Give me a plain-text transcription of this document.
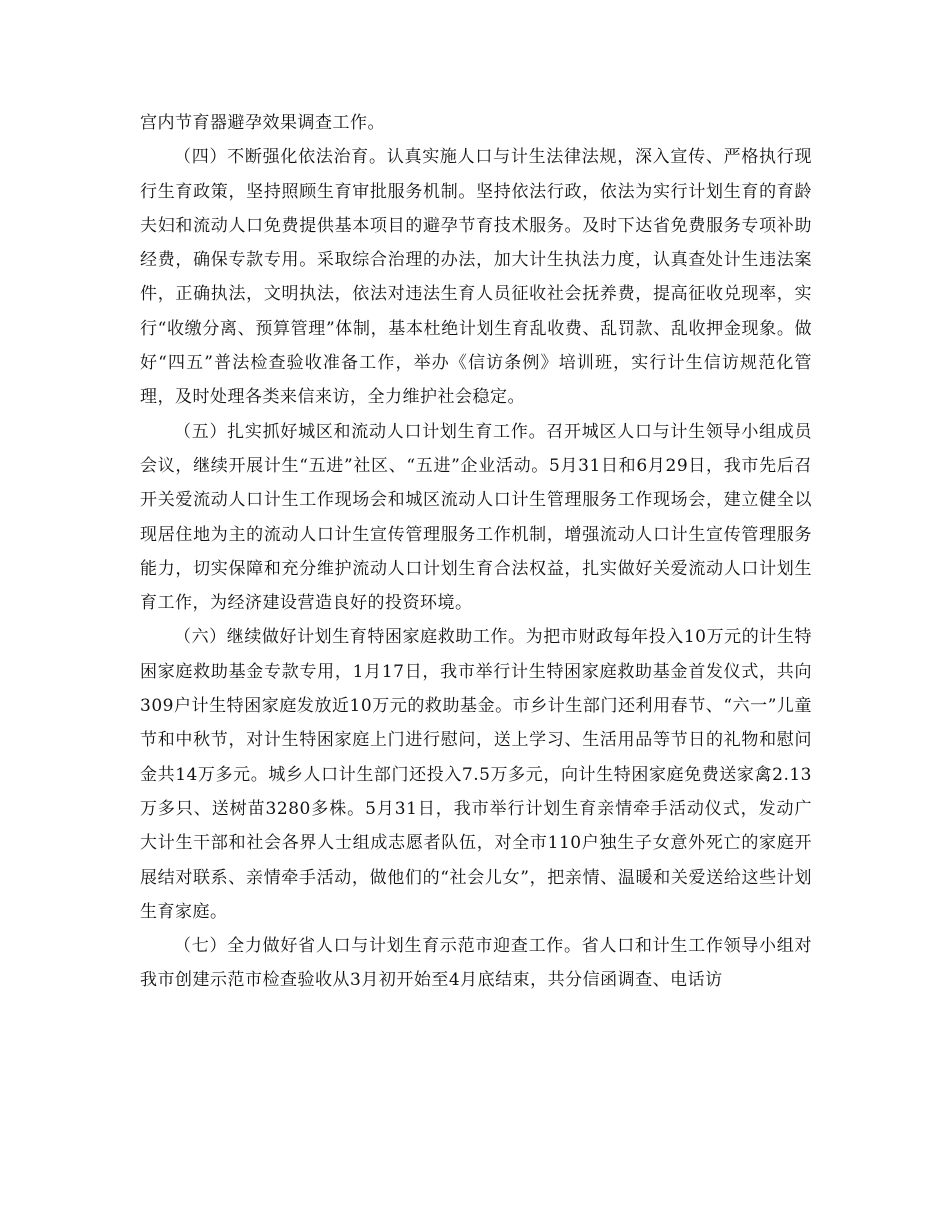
宫内节育器避孕效果调查工作。

（四）不断强化依法治育。认真实施人口与计生法律法规，深入宣传、严格执行现行生育政策，坚持照顾生育审批服务机制。坚持依法行政，依法为实行计划生育的育龄夫妇和流动人口免费提供基本项目的避孕节育技术服务。及时下达省免费服务专项补助经费，确保专款专用。采取综合治理的办法，加大计生执法力度，认真查处计生违法案件，正确执法，文明执法，依法对违法生育人员征收社会抚养费，提高征收兑现率，实行“收缴分离、预算管理”体制，基本杜绝计划生育乱收费、乱罚款、乱收押金现象。做好“四五”普法检查验收准备工作，举办《信访条例》培训班，实行计生信访规范化管理，及时处理各类来信来访，全力维护社会稳定。

（五）扎实抓好城区和流动人口计划生育工作。召开城区人口与计生领导小组成员会议，继续开展计生“五进”社区、“五进”企业活动。5月31日和6月29日，我市先后召开关爱流动人口计生工作现场会和城区流动人口计生管理服务工作现场会，建立健全以现居住地为主的流动人口计生宣传管理服务工作机制，增强流动人口计生宣传管理服务能力，切实保障和充分维护流动人口计划生育合法权益，扎实做好关爱流动人口计划生育工作，为经济建设营造良好的投资环境。

（六）继续做好计划生育特困家庭救助工作。为把市财政每年投入10万元的计生特困家庭救助基金专款专用，1月17日，我市举行计生特困家庭救助基金首发仪式，共向309户计生特困家庭发放近10万元的救助基金。市乡计生部门还利用春节、“六一”儿童节和中秋节，对计生特困家庭上门进行慰问，送上学习、生活用品等节日的礼物和慰问金共14万多元。城乡人口计生部门还投入7.5万多元，向计生特困家庭免费送家禽2.13万多只、送树苗3280多株。5月31日，我市举行计划生育亲情牵手活动仪式，发动广大计生干部和社会各界人士组成志愿者队伍，对全市110户独生子女意外死亡的家庭开展结对联系、亲情牵手活动，做他们的“社会儿女”，把亲情、温暖和关爱送给这些计划生育家庭。

（七）全力做好省人口与计划生育示范市迎查工作。省人口和计生工作领导小组对我市创建示范市检查验收从3月初开始至4月底结束，共分信函调查、电话访
